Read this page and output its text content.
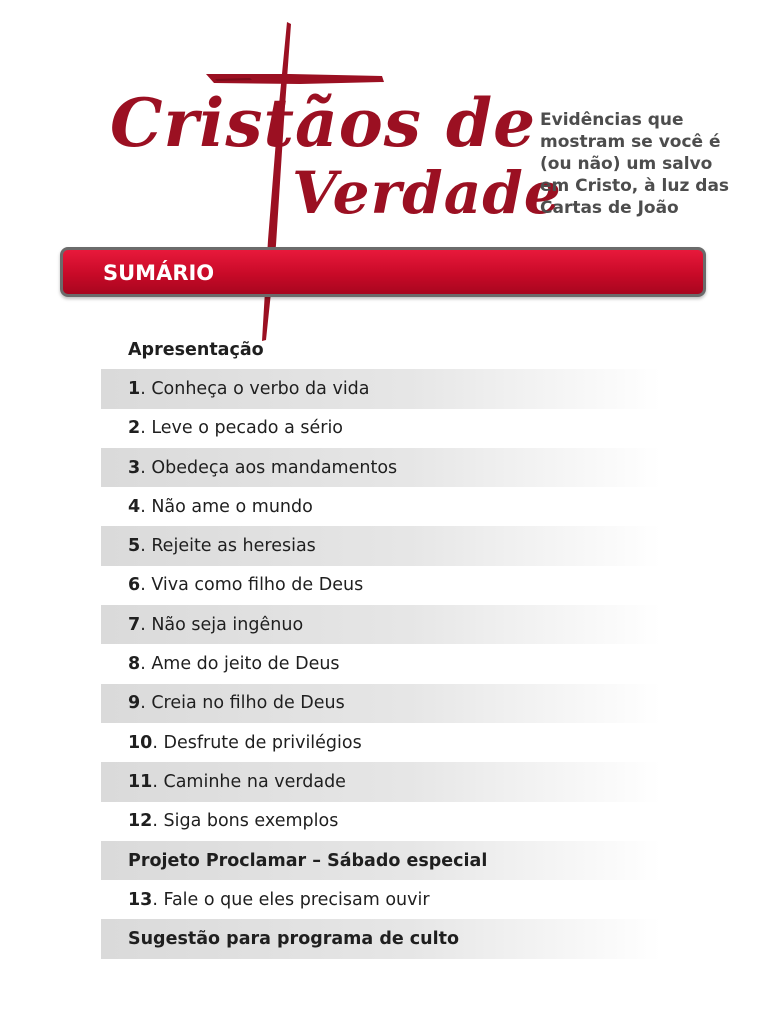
Cristãos de
Verdade
Evidências que mostram se você é (ou não) um salvo em Cristo, à luz das Cartas de João
SUMÁRIO
Apresentação
1 . Conheça o verbo da vida
2 . Leve o pecado a sério
3 . Obedeça aos mandamentos
4 . Não ame o mundo
5 . Rejeite as heresias
6 . Viva como filho de Deus
7 . Não seja ingênuo
8 . Ame do jeito de Deus
9 . Creia no filho de Deus
10 . Desfrute de privilégios
11 . Caminhe na verdade
12 . Siga bons exemplos
Projeto Proclamar – Sábado especial
13 . Fale o que eles precisam ouvir
Sugestão para programa de culto
